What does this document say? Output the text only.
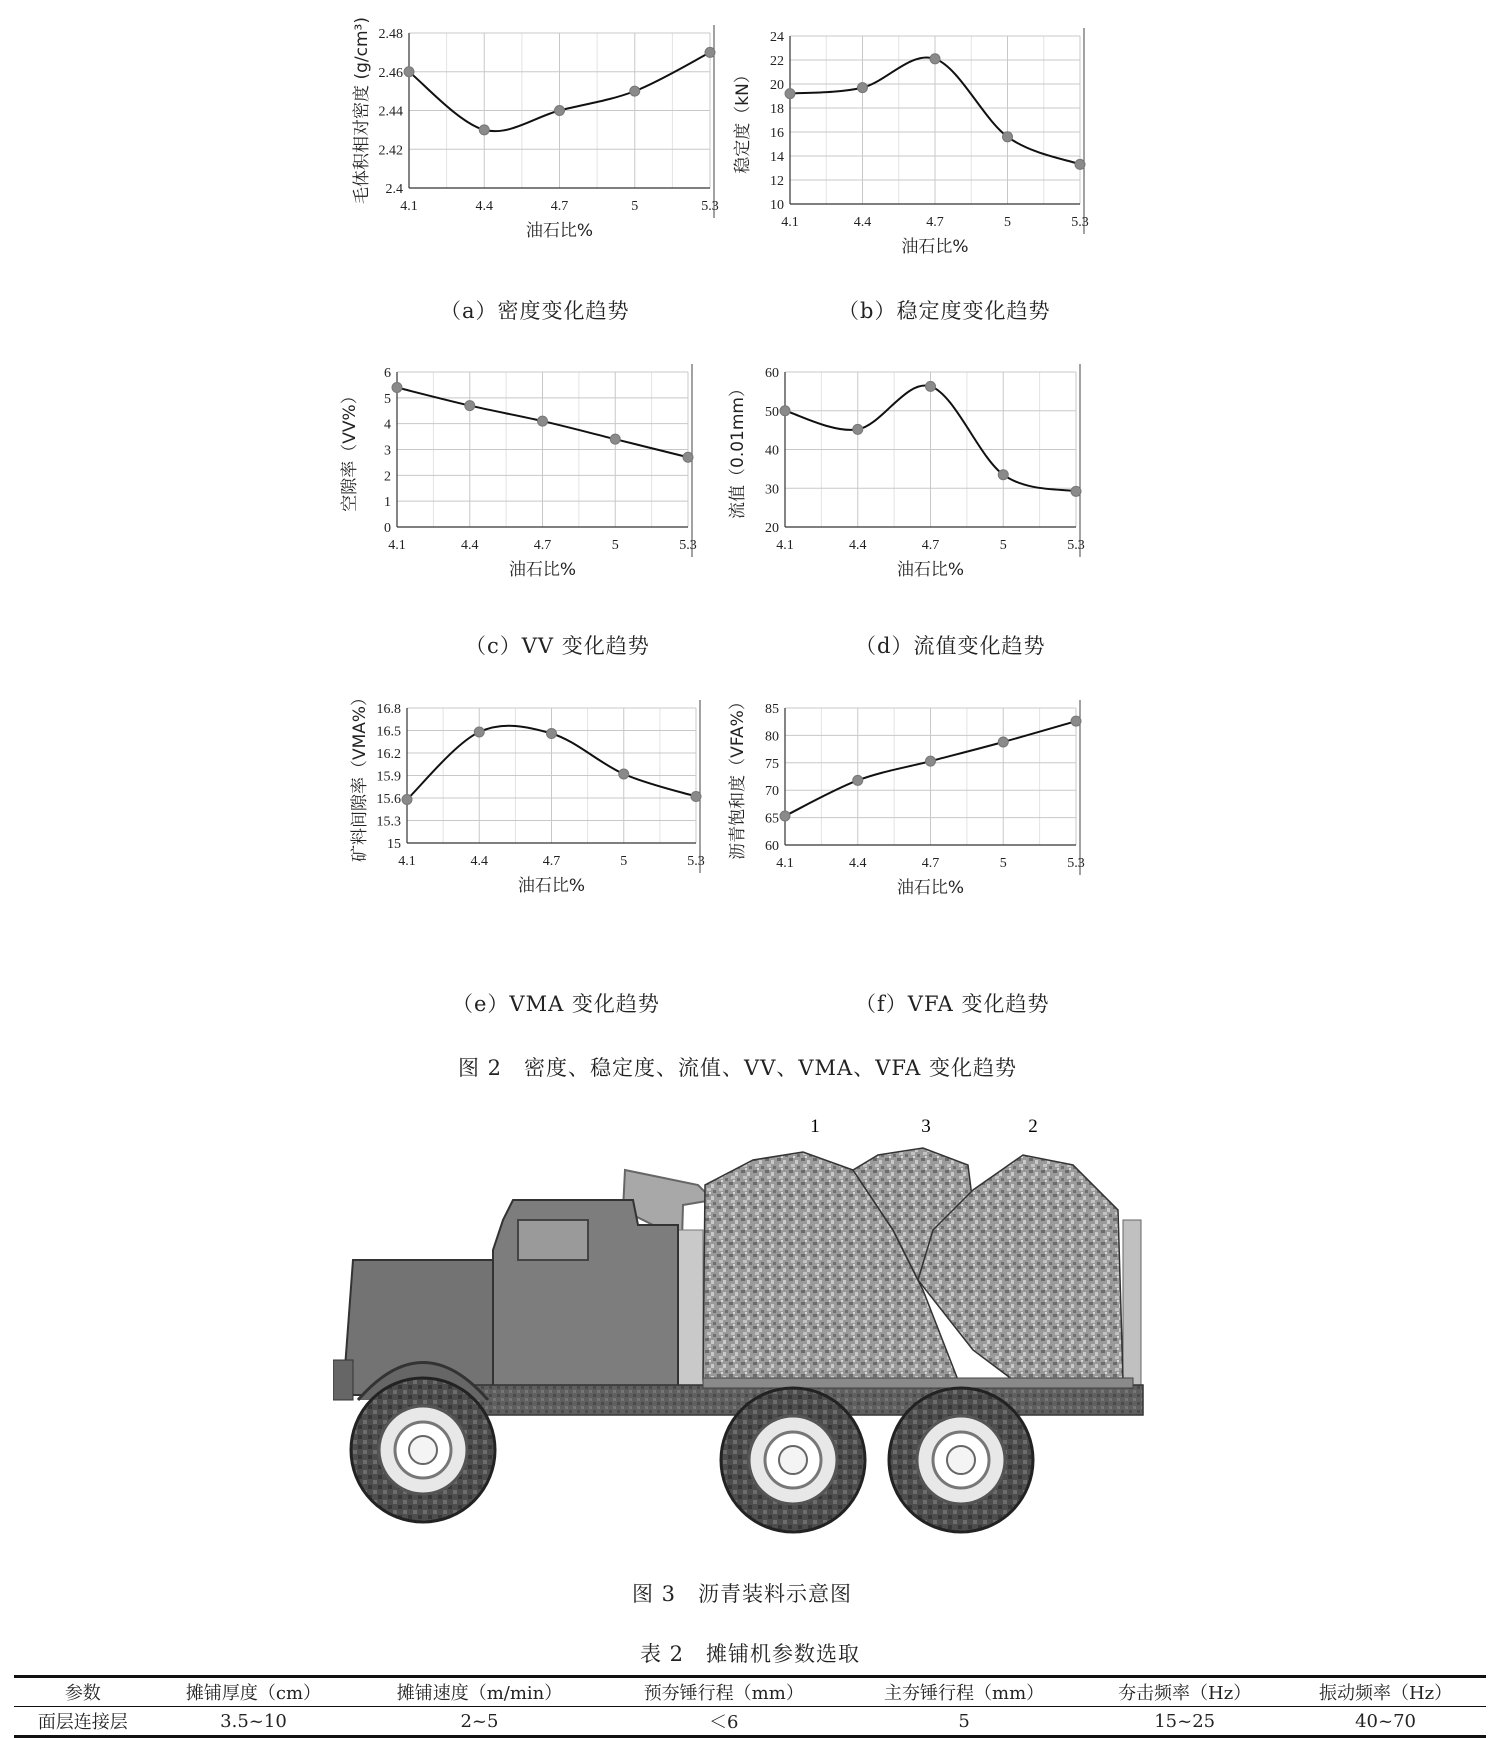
2.4
2.42
2.44
2.46
2.48
4.1	4.4	4.7	5	5.3
油石比%
毛体积相对密度 (g/cm³)
10
12
14
16
18
20
22
24
4.1	4.4	4.7	5	5.3
油石比%
稳定度（kN）
0
1
2
3
4
5
6
4.1	4.4	4.7	5	5.3
油石比%
空隙率（VV%）
20
30
40
50
60
4.1	4.4	4.7	5	5.3
油石比%
流值（0.01mm）
15
15.3
15.6
15.9
16.2
16.5
16.8
4.1	4.4	4.7	5	5.3
油石比%
矿料间隙率（VMA%）	60
65
70
75
80
85
4.1	4.4	4.7	5	5.3
油石比%
沥青饱和度（VFA%）
（a）密度变化趋势	（b）稳定度变化趋势
（c）VV 变化趋势	（d）流值变化趋势
（e）VMA 变化趋势	（f）VFA 变化趋势
图 2　密度、稳定度、流值、VV、VMA、VFA 变化趋势
1	3	2
图 3　沥青装料示意图
表 2　摊铺机参数选取
参数	摊铺厚度（cm）	摊铺速度（m/min）	预夯锤行程（mm）	主夯锤行程（mm）	夯击频率（Hz）	振动频率（Hz）
面层连接层	3.5~10	2~5	＜6	5	15~25	40~70
